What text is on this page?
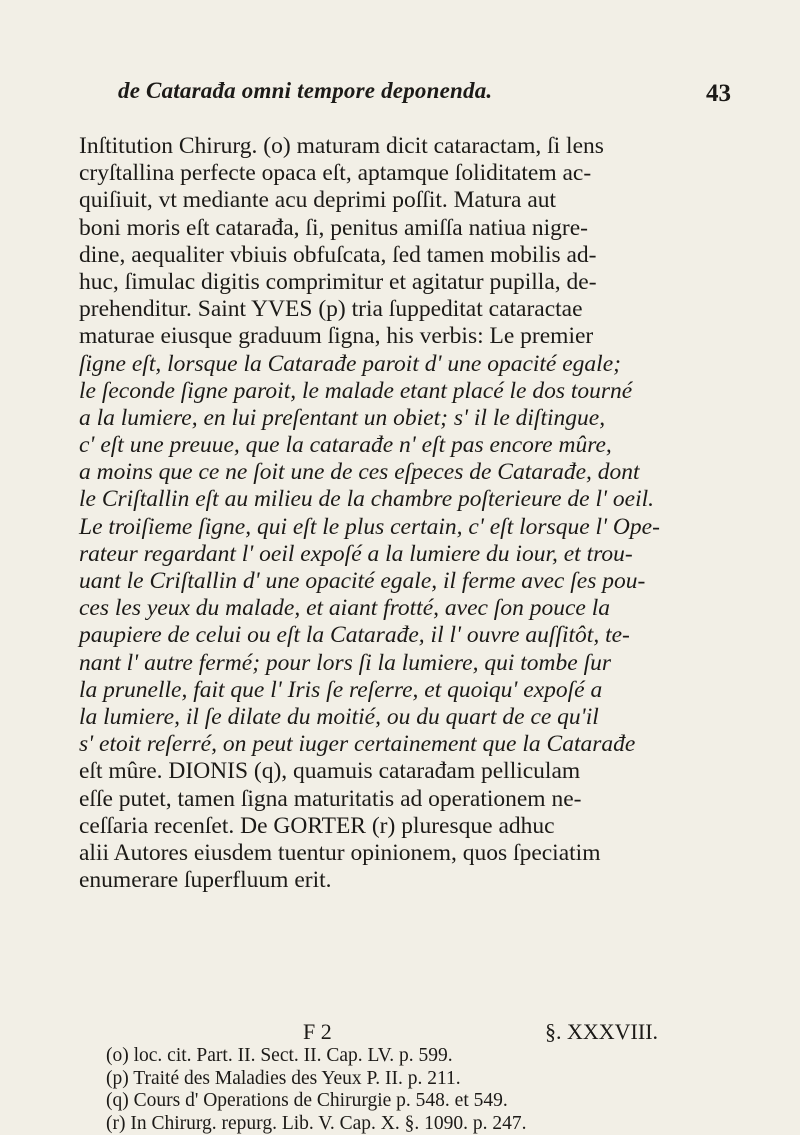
de Catarađa omni tempore deponenda.	43
Inſtitution Chirurg. (o) maturam dicit cataractam, ſi lens
cryſtallina perfecte opaca eſt, aptamque ſoliditatem ac-
quiſiuit, vt mediante acu deprimi poſſit. Matura aut
boni moris eſt catarađa, ſi, penitus amiſſa natiua nigre-
dine, aequaliter vbiuis obfuſcata, ſed tamen mobilis ad-
huc, ſimulac digitis comprimitur et agitatur pupilla, de-
prehenditur. Saint YVES (p) tria ſuppeditat cataractae
maturae eiusque graduum ſigna, his verbis: Le premier
ſigne eſt, lorsque la Catarađe paroit d' une opacité egale;
le ſeconde ſigne paroit, le malade etant placé le dos tourné
a la lumiere, en lui preſentant un obiet; s' il le diſtingue,
c' eſt une preuue, que la catarađe n' eſt pas encore mûre,
a moins que ce ne ſoit une de ces eſpeces de Catarađe, dont
le Criſtallin eſt au milieu de la chambre poſterieure de l' oeil.
Le troiſieme ſigne, qui eſt le plus certain, c' eſt lorsque l' Ope-
rateur regardant l' oeil expoſé a la lumiere du iour, et trou-
uant le Criſtallin d' une opacité egale, il ferme avec ſes pou-
ces les yeux du malade, et aiant frotté, avec ſon pouce la
paupiere de celui ou eſt la Catarađe, il l' ouvre auſſitôt, te-
nant l' autre fermé; pour lors ſi la lumiere, qui tombe ſur
la prunelle, fait que l' Iris ſe reſerre, et quoiqu' expoſé a
la lumiere, il ſe dilate du moitié, ou du quart de ce qu'il
s' etoit reſerré, on peut iuger certainement que la Catarađe
eſt mûre. DIONIS (q), quamuis catarađam pelliculam
eſſe putet, tamen ſigna maturitatis ad operationem ne-
ceſſaria recenſet. De GORTER (r) pluresque adhuc
alii Autores eiusdem tuentur opinionem, quos ſpeciatim
enumerare ſuperfluum erit.
F 2	§. XXXVIII.
(o) loc. cit. Part. II. Sect. II. Cap. LV. p. 599.
(p) Traité des Maladies des Yeux P. II. p. 211.
(q) Cours d' Operations de Chirurgie p. 548. et 549.
(r) In Chirurg. repurg. Lib. V. Cap. X. §. 1090. p. 247.
